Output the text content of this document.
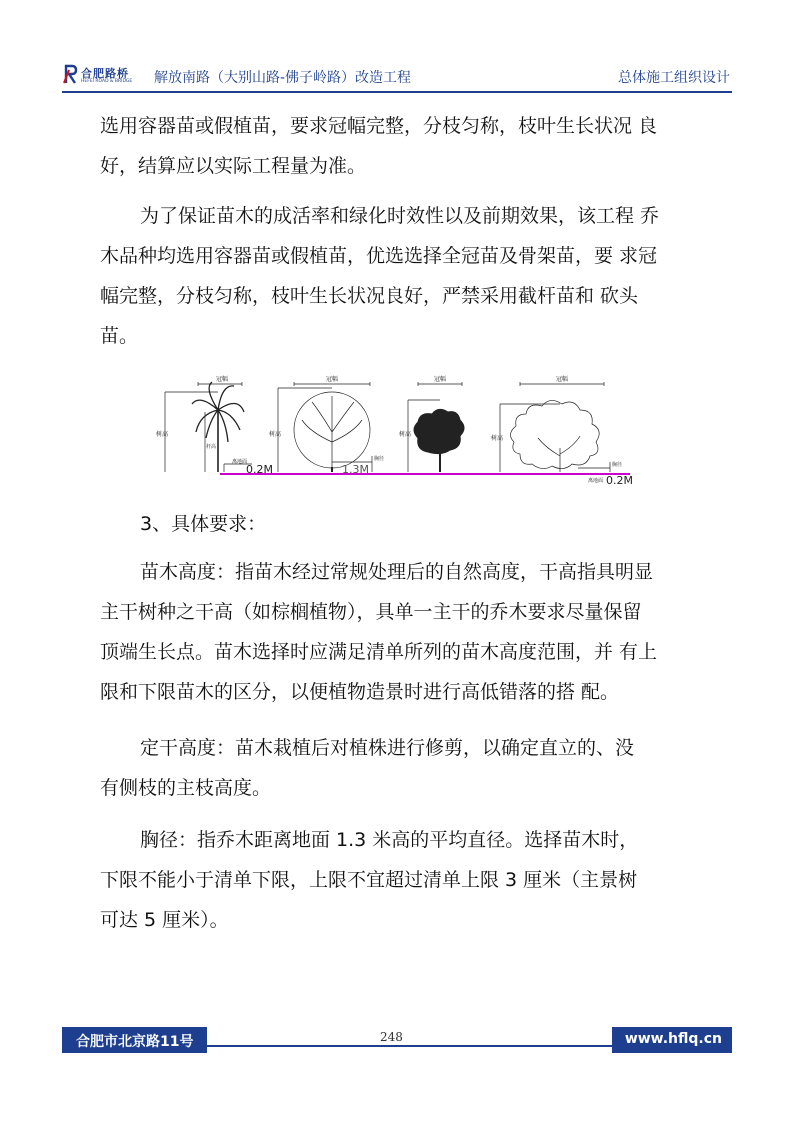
合肥路桥
HEFEI ROAD & BRIDGE 解放南路（大别山路-佛子岭路）改造工程	总体施工组织设计
选用容器苗或假植苗，要求冠幅完整，分枝匀称，枝叶生长状况 良
好，结算应以实际工程量为准。
为了保证苗木的成活率和绿化时效性以及前期效果，该工程 乔
木品种均选用容器苗或假植苗，优选选择全冠苗及骨架苗，要 求冠
幅完整，分枝匀称，枝叶生长状况良好，严禁采用截杆苗和 砍头
苗。
冠幅	冠幅	冠幅	冠幅
树高	树高	树高
树高
杆高
胸径
胸径
离地面
离地面
0.2M	1.3M
0.2M
3、具体要求：
苗木高度：指苗木经过常规处理后的自然高度，干高指具明显
主干树种之干高（如棕榈植物），具单一主干的乔木要求尽量保留
顶端生长点。苗木选择时应满足清单所列的苗木高度范围，并 有上
限和下限苗木的区分，以便植物造景时进行高低错落的搭 配。
定干高度：苗木栽植后对植株进行修剪，以确定直立的、没
有侧枝的主枝高度。
胸径：指乔木距离地面 1.3 米高的平均直径。选择苗木时，
下限不能小于清单下限，上限不宜超过清单上限 3 厘米（主景树
可达 5 厘米）。
合肥市北京路11号	www.hflq.cn
248
